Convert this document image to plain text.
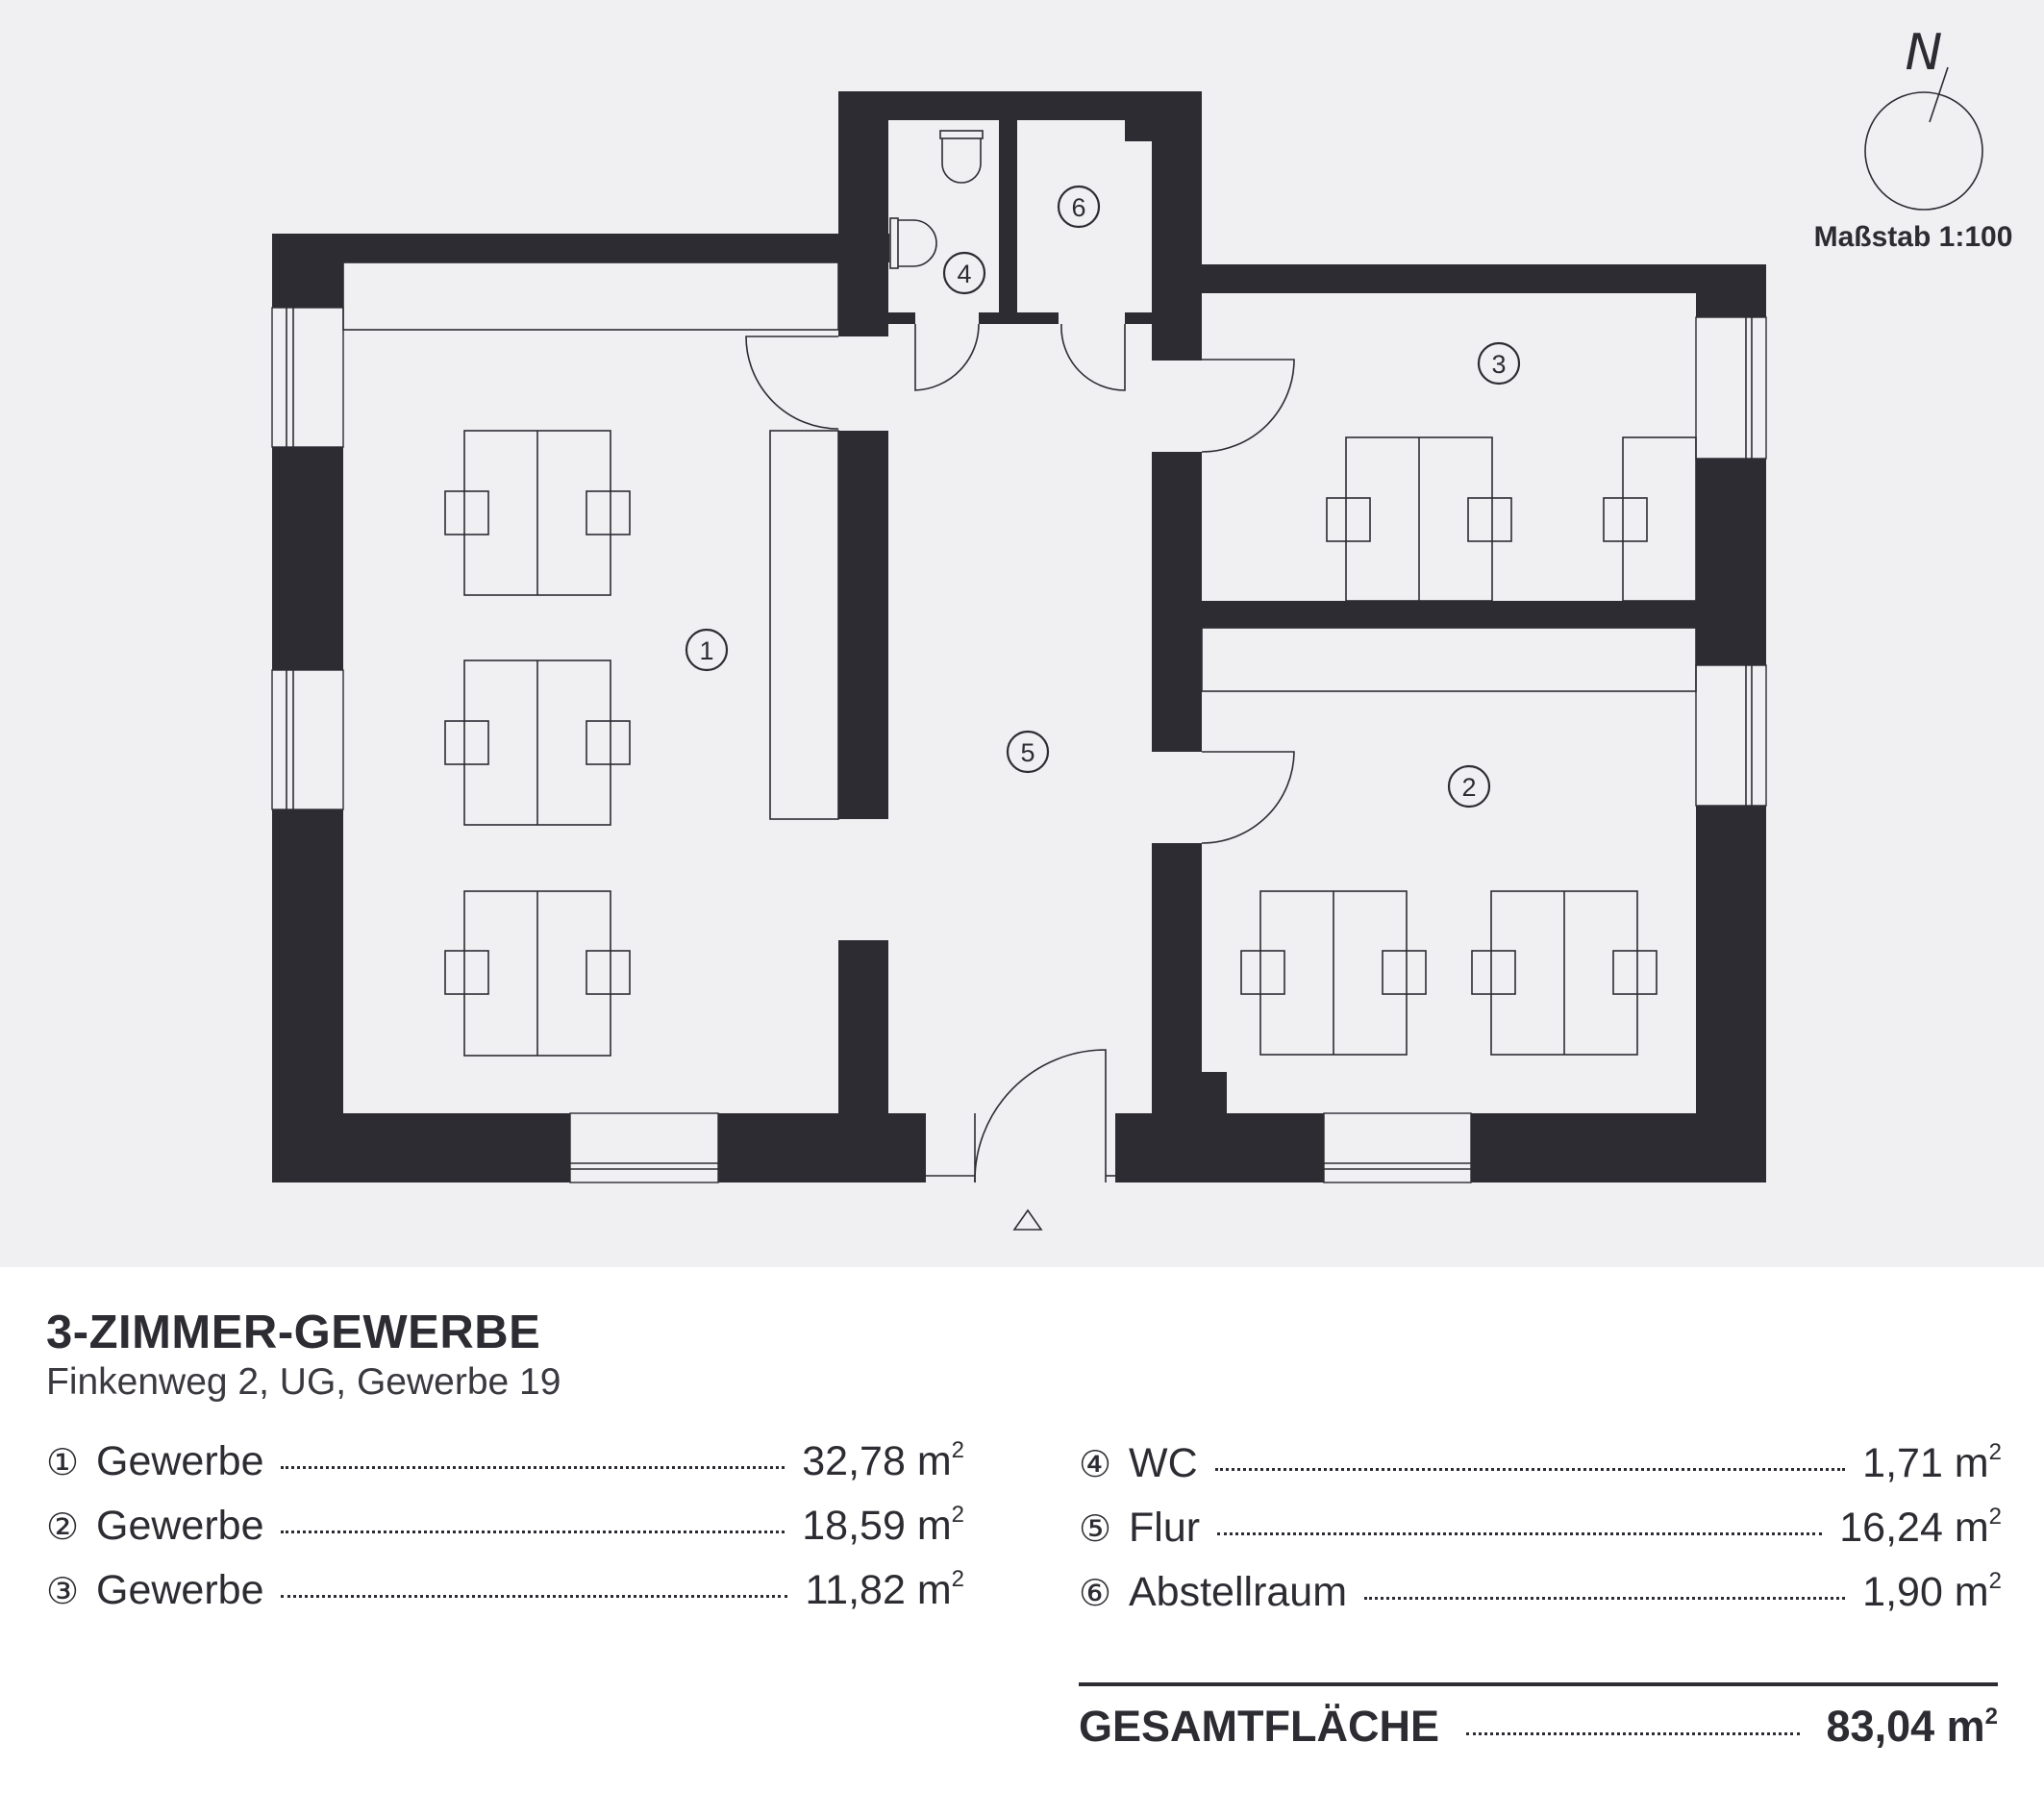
1
2
3
4
5
6
N
Maßstab 1:100
3-ZIMMER-GEWERBE
Finkenweg 2, UG, Gewerbe 19
① Gewerbe	32,78 $m^2$
② Gewerbe	18,59 $m^2$
③ Gewerbe	11,82 $m^2$
④ WC	1,71 $m^2$
⑤ Flur	16,24 $m^2$
⑥ Abstellraum	1,90 $m^2$
GESAMTFLÄCHE	83,04 $m^2$
